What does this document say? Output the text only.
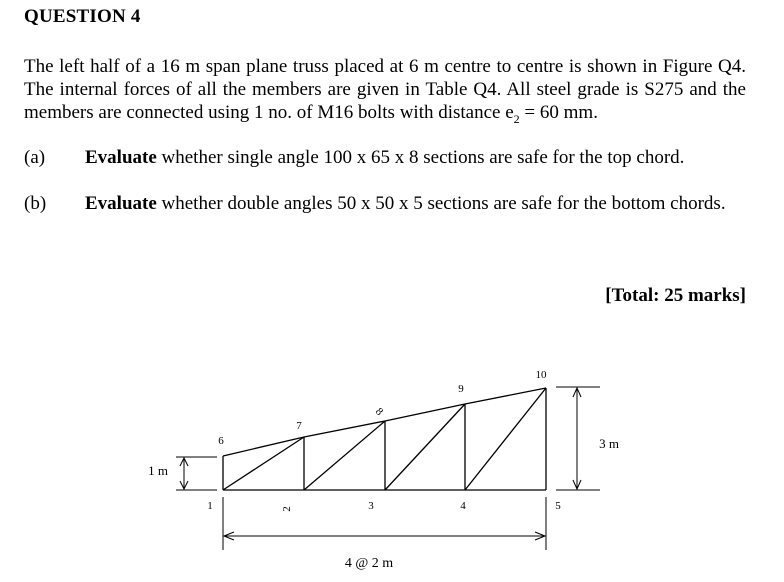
QUESTION 4
The left half of a 16 m span plane truss placed at 6 m centre to centre is shown in Figure Q4. The internal forces of all the members are given in Table Q4. All steel grade is S275 and the members are connected using 1 no. of M16 bolts with distance $e_2 = 60$ mm.
(a) Evaluate whether single angle 100 x 65 x 8 sections are safe for the top chord.
(b) Evaluate whether double angles 50 x 50 x 5 sections are safe for the bottom chords.
[Total: 25 marks]
6
7
8
9
10
1	2	3	4	5
1 m
3 m
4 @ 2 m
